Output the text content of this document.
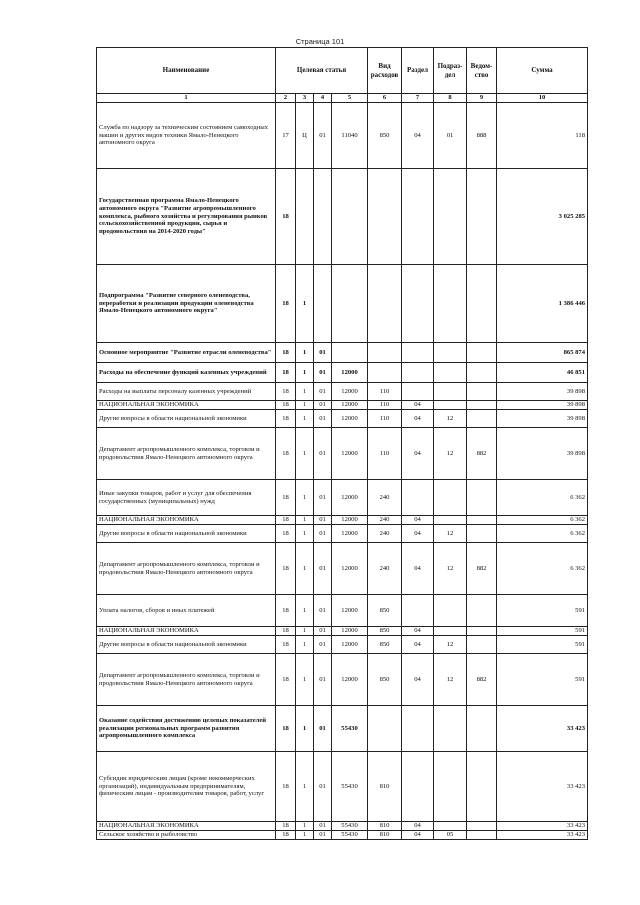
Страница 101
Наименование	Целевая статья				Вид расходов	Раздел	Подраз-дел	Ведом-ство	Сумма
1	2	3	4	5	6	7	8	9	10
Служба по надзору за техническим состоянием самоходных машин и других видов техники Ямало-Ненецкого автономного округа	17	Ц	01	11040	850	04	01	888	118
Государственная программа Ямало-Ненецкого автономного округа "Развитие агропромышленного комплекса, рыбного хозяйства и регулирования рынков сельскохозяйственной продукции, сырья и продовольствия на 2014-2020 годы"	18								3 025 285
Подпрограмма "Развитие северного оленеводства, переработки и реализации продукции оленеводства Ямало-Ненецкого автономного округа"	18	1							1 386 446
Основное мероприятие "Развитие отрасли оленеводства"	18	1	01						865 874
Расходы на обеспечение функций казенных учреждений	18	1	01	12000					46 851
Расходы на выплаты персоналу казенных учреждений	18	1	01	12000	110				39 898
НАЦИОНАЛЬНАЯ ЭКОНОМИКА	18	1	01	12000	110	04			39 898
Другие вопросы в области национальной экономики	18	1	01	12000	110	04	12		39 898
Департамент агропромышленного комплекса, торговли и продовольствия Ямало-Ненецкого автономного округа	18	1	01	12000	110	04	12	882	39 898
Иные закупки товаров, работ и услуг для обеспечения государственных (муниципальных) нужд	18	1	01	12000	240				6 362
НАЦИОНАЛЬНАЯ ЭКОНОМИКА	18	1	01	12000	240	04			6 362
Другие вопросы в области национальной экономики	18	1	01	12000	240	04	12		6 362
Департамент агропромышленного комплекса, торговли и продовольствия Ямало-Ненецкого автономного округа	18	1	01	12000	240	04	12	882	6 362
Уплата налогов, сборов и иных платежей	18	1	01	12000	850				591
НАЦИОНАЛЬНАЯ ЭКОНОМИКА	18	1	01	12000	850	04			591
Другие вопросы в области национальной экономики	18	1	01	12000	850	04	12		591
Департамент агропромышленного комплекса, торговли и продовольствия Ямало-Ненецкого автономного округа	18	1	01	12000	850	04	12	882	591
Оказание содействия достижению целевых показателей реализации региональных программ развития агропромышленного комплекса	18	1	01	55430					33 423
Субсидии юридическим лицам (кроме некоммерческих организаций), индивидуальным предпринимателям, физическим лицам - производителям товаров, работ, услуг	18	1	01	55430	810				33 423
НАЦИОНАЛЬНАЯ ЭКОНОМИКА	18	1	01	55430	810	04			33 423
Сельское хозяйство и рыболовство	18	1	01	55430	810	04	05		33 423
